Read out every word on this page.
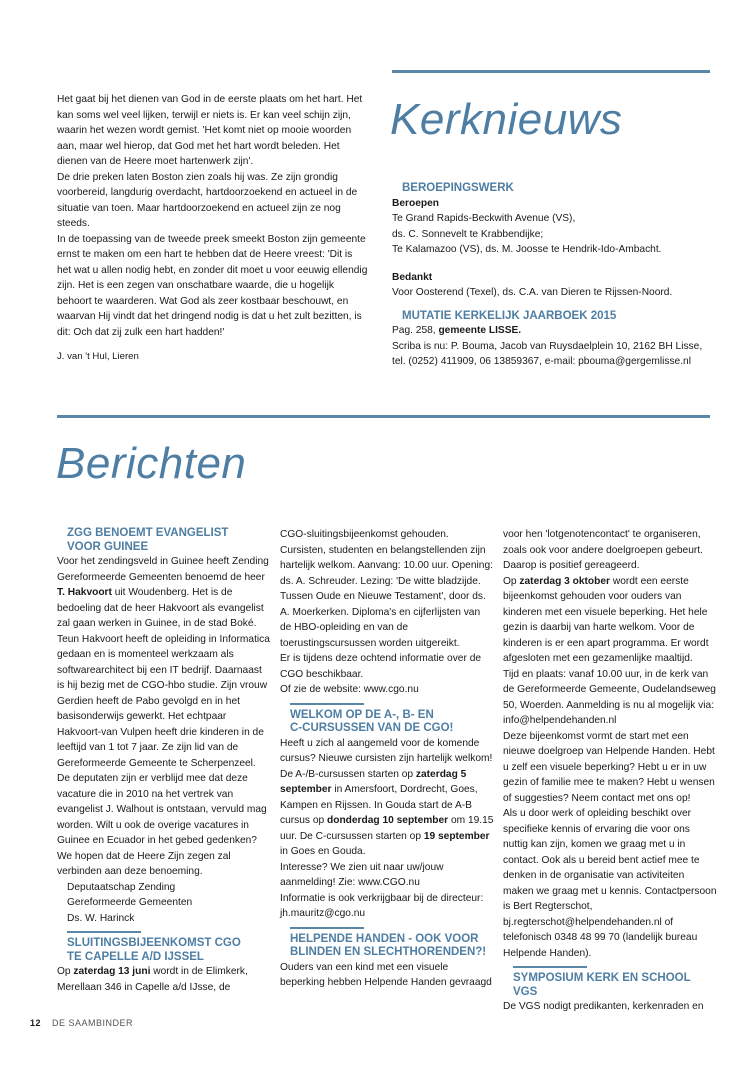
Het gaat bij het dienen van God in de eerste plaats om het hart. Het kan soms wel veel lijken, terwijl er niets is. Er kan veel schijn zijn, waarin het wezen wordt gemist. 'Het komt niet op mooie woorden aan, maar wel hierop, dat God met het hart wordt beleden. Het dienen van de Heere moet hartenwerk zijn'.

De drie preken laten Boston zien zoals hij was. Ze zijn grondig voorbereid, langdurig overdacht, hartdoorzoekend en actueel in de situatie van toen. Maar hartdoorzoekend en actueel zijn ze nog steeds.

In de toepassing van de tweede preek smeekt Boston zijn gemeente ernst te maken om een hart te hebben dat de Heere vreest: 'Dit is het wat u allen nodig hebt, en zonder dit moet u voor eeuwig ellendig zijn. Het is een zegen van onschatbare waarde, die u hogelijk behoort te waarderen. Wat God als zeer kostbaar beschouwt, en waarvan Hij vindt dat het dringend nodig is dat u het zult bezitten, is dit: Och dat zij zulk een hart hadden!'

J. van 't Hul, Lieren

Kerknieuws

BEROEPINGSWERK

Beroepen

Te Grand Rapids-Beckwith Avenue (VS),

ds. C. Sonnevelt te Krabbendijke;

Te Kalamazoo (VS), ds. M. Joosse te Hendrik-Ido-Ambacht.

Bedankt

Voor Oosterend (Texel), ds. C.A. van Dieren te Rijssen-Noord.

MUTATIE KERKELIJK JAARBOEK 2015

Pag. 258, gemeente LISSE.

Scriba is nu: P. Bouma, Jacob van Ruysdaelplein 10, 2162 BH Lisse,

tel. (0252) 411909, 06 13859367, e-mail: pbouma@gergemlisse.nl

Berichten

ZGG BENOEMT EVANGELIST
VOOR GUINEE

Voor het zendingsveld in Guinee heeft Zending Gereformeerde Gemeenten benoemd de heer T. Hakvoort uit Woudenberg. Het is de bedoeling dat de heer Hakvoort als evangelist zal gaan werken in Guinee, in de stad Boké.

Teun Hakvoort heeft de opleiding in Informatica gedaan en is momenteel werkzaam als softwarearchitect bij een IT bedrijf. Daarnaast is hij bezig met de CGO-hbo studie. Zijn vrouw Gerdien heeft de Pabo gevolgd en in het basisonderwijs gewerkt. Het echtpaar Hakvoort-van Vulpen heeft drie kinderen in de leeftijd van 1 tot 7 jaar. Ze zijn lid van de Gereformeerde Gemeente te Scherpenzeel.

De deputaten zijn er verblijd mee dat deze vacature die in 2010 na het vertrek van evangelist J. Walhout is ontstaan, vervuld mag worden. Wilt u ook de overige vacatures in Guinee en Ecuador in het gebed gedenken?

We hopen dat de Heere Zijn zegen zal verbinden aan deze benoeming.

Deputaatschap Zending

Gereformeerde Gemeenten

Ds. W. Harinck

SLUITINGSBIJEENKOMST CGO
TE CAPELLE A/D IJSSEL

Op zaterdag 13 juni wordt in de Elimkerk, Merellaan 346 in Capelle a/d IJsse, de

CGO-sluitingsbijeenkomst gehouden. Cursisten, studenten en belangstellenden zijn hartelijk welkom. Aanvang: 10.00 uur. Opening: ds. A. Schreuder. Lezing: 'De witte bladzijde. Tussen Oude en Nieuwe Testament', door ds. A. Moerkerken. Diploma's en cijferlijsten van de HBO-opleiding en van de toerustingscursussen worden uitgereikt.

Er is tijdens deze ochtend informatie over de CGO beschikbaar.

Of zie de website: www.cgo.nu

WELKOM OP DE A-, B- EN
C-CURSUSSEN VAN DE CGO!

Heeft u zich al aangemeld voor de komende cursus? Nieuwe cursisten zijn hartelijk welkom!

De A-/B-cursussen starten op zaterdag 5 september in Amersfoort, Dordrecht, Goes, Kampen en Rijssen. In Gouda start de A-B cursus op donderdag 10 september om 19.15 uur. De C-cursussen starten op 19 september in Goes en Gouda.

Interesse? We zien uit naar uw/jouw aanmelding! Zie: www.CGO.nu

Informatie is ook verkrijgbaar bij de directeur: jh.mauritz@cgo.nu

HELPENDE HANDEN - OOK VOOR
BLINDEN EN SLECHTHORENDEN?!

Ouders van een kind met een visuele beperking hebben Helpende Handen gevraagd

voor hen 'lotgenotencontact' te organiseren, zoals ook voor andere doelgroepen gebeurt. Daarop is positief gereageerd.

Op zaterdag 3 oktober wordt een eerste bijeenkomst gehouden voor ouders van kinderen met een visuele beperking. Het hele gezin is daarbij van harte welkom. Voor de kinderen is er een apart programma. Er wordt afgesloten met een gezamenlijke maaltijd.

Tijd en plaats: vanaf 10.00 uur, in de kerk van de Gereformeerde Gemeente, Oudelandseweg 50, Woerden. Aanmelding is nu al mogelijk via: info@helpendehanden.nl

Deze bijeenkomst vormt de start met een nieuwe doelgroep van Helpende Handen. Hebt u zelf een visuele beperking? Hebt u er in uw gezin of familie mee te maken? Hebt u wensen of suggesties? Neem contact met ons op!

Als u door werk of opleiding beschikt over specifieke kennis of ervaring die voor ons nuttig kan zijn, komen we graag met u in contact. Ook als u bereid bent actief mee te denken in de organisatie van activiteiten maken we graag met u kennis. Contactpersoon is Bert Regterschot, bj.regterschot@helpendehanden.nl of telefonisch 0348 48 99 70 (landelijk bureau Helpende Handen).

SYMPOSIUM KERK EN SCHOOL VGS

De VGS nodigt predikanten, kerkenraden en

12 DE SAAMBINDER
